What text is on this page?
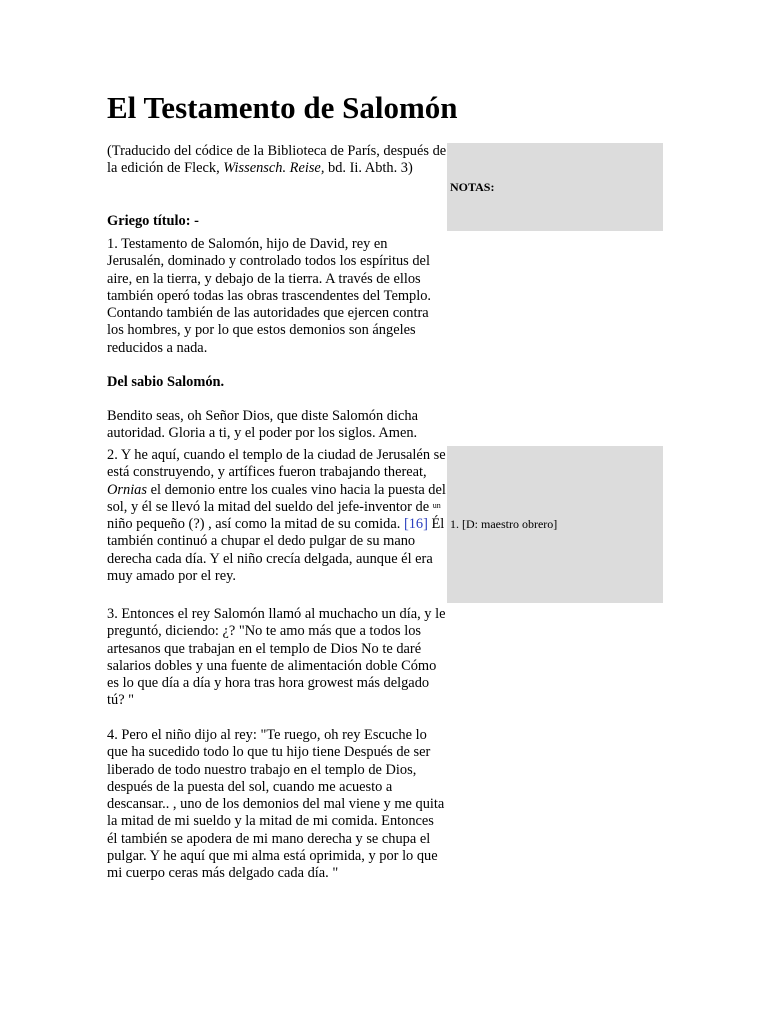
El Testamento de Salomón

(Traducido del códice de la Biblioteca de París, después de la edición de Fleck, Wissensch. Reise, bd. Ii. Abth. 3)

NOTAS:
Griego título: -

1. Testamento de Salomón, hijo de David, rey en Jerusalén, dominado y controlado todos los espíritus del aire, en la tierra, y debajo de la tierra. A través de ellos también operó todas las obras trascendentes del Templo. Contando también de las autoridades que ejercen contra los hombres, y por lo que estos demonios son ángeles reducidos a nada.

Del sabio Salomón.

Bendito seas, oh Señor Dios, que diste Salomón dicha autoridad. Gloria a ti, y el poder por los siglos. Amen.

1. [D: maestro obrero]

2. Y he aquí, cuando el templo de la ciudad de Jerusalén se está construyendo, y artífices fueron trabajando thereat, Ornias el demonio entre los cuales vino hacia la puesta del sol, y él se llevó la mitad del sueldo del jefe-inventor de $^{un}$ niño pequeño (?) , así como la mitad de su comida. [16] Él también continuó a chupar el dedo pulgar de su mano derecha cada día. Y el niño crecía delgada, aunque él era muy amado por el rey.

3. Entonces el rey Salomón llamó al muchacho un día, y le preguntó, diciendo: ¿? "No te amo más que a todos los artesanos que trabajan en el templo de Dios No te daré salarios dobles y una fuente de alimentación doble Cómo es lo que día a día y hora tras hora growest más delgado tú? "

4. Pero el niño dijo al rey: "Te ruego, oh rey Escuche lo que ha sucedido todo lo que tu hijo tiene Después de ser liberado de todo nuestro trabajo en el templo de Dios, después de la puesta del sol, cuando me acuesto a descansar.. , uno de los demonios del mal viene y me quita la mitad de mi sueldo y la mitad de mi comida. Entonces él también se apodera de mi mano derecha y se chupa el pulgar. Y he aquí que mi alma está oprimida, y por lo que mi cuerpo ceras más delgado cada día. "
